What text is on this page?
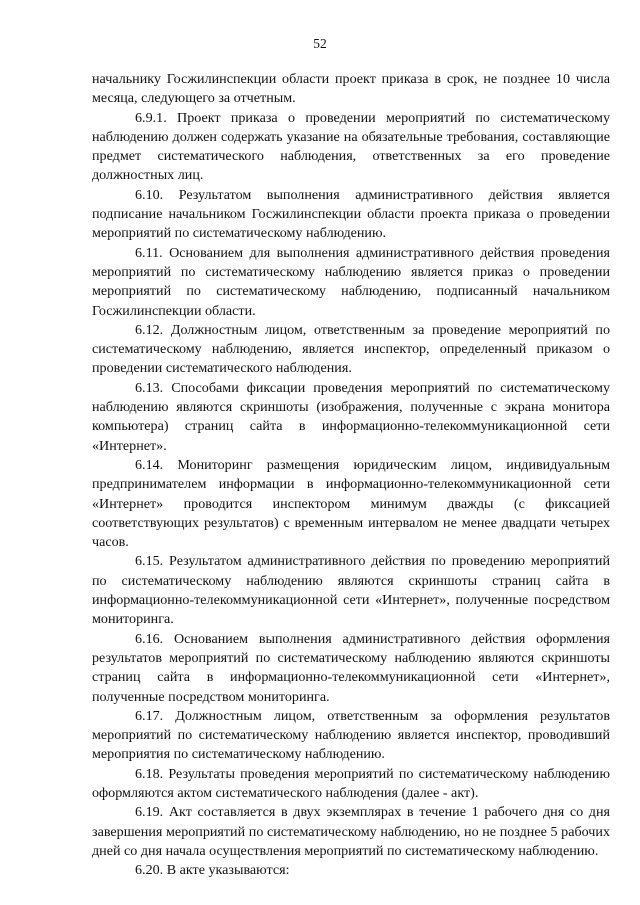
52

начальнику Госжилинспекции области проект приказа в срок, не позднее 10 числа месяца, следующего за отчетным.

6.9.1. Проект приказа о проведении мероприятий по систематическому наблюдению должен содержать указание на обязательные требования, составляющие предмет систематического наблюдения, ответственных за его проведение должностных лиц.

6.10. Результатом выполнения административного действия является подписание начальником Госжилинспекции области проекта приказа о проведении мероприятий по систематическому наблюдению.

6.11. Основанием для выполнения административного действия проведения мероприятий по систематическому наблюдению является приказ о проведении мероприятий по систематическому наблюдению, подписанный начальником Госжилинспекции области.

6.12. Должностным лицом, ответственным за проведение мероприятий по систематическому наблюдению, является инспектор, определенный приказом о проведении систематического наблюдения.

6.13. Способами фиксации проведения мероприятий по систематическому наблюдению являются скриншоты (изображения, полученные с экрана монитора компьютера) страниц сайта в информационно-телекоммуникационной сети «Интернет».

6.14. Мониторинг размещения юридическим лицом, индивидуальным предпринимателем информации в информационно-телекоммуникационной сети «Интернет» проводится инспектором минимум дважды (с фиксацией соответствующих результатов) с временным интервалом не менее двадцати четырех часов.

6.15. Результатом административного действия по проведению мероприятий по систематическому наблюдению являются скриншоты страниц сайта в информационно-телекоммуникационной сети «Интернет», полученные посредством мониторинга.

6.16. Основанием выполнения административного действия оформления результатов мероприятий по систематическому наблюдению являются скриншоты страниц сайта в информационно-телекоммуникационной сети «Интернет», полученные посредством мониторинга.

6.17. Должностным лицом, ответственным за оформления результатов мероприятий по систематическому наблюдению является инспектор, проводивший мероприятия по систематическому наблюдению.

6.18. Результаты проведения мероприятий по систематическому наблюдению оформляются актом систематического наблюдения (далее - акт).

6.19. Акт составляется в двух экземплярах в течение 1 рабочего дня со дня завершения мероприятий по систематическому наблюдению, но не позднее 5 рабочих дней со дня начала осуществления мероприятий по систематическому наблюдению.

6.20. В акте указываются:
